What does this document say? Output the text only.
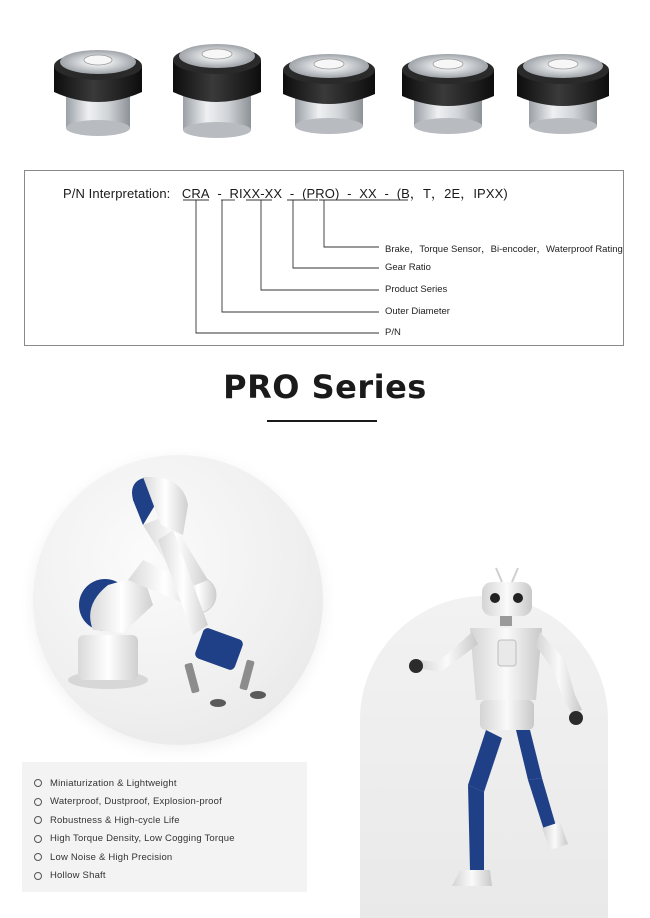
P/N Interpretation: CRA - RIXX-XX - (PRO) - XX - (B，T，2E，IPXX)
Brake，Torque Sensor，Bi-encoder，Waterproof Rating
Gear Ratio
Product Series
Outer Diameter
P/N
PRO Series
Miniaturization & Lightweight
Waterproof, Dustproof, Explosion-proof
Robustness & High-cycle Life
High Torque Density, Low Cogging Torque
Low Noise & High Precision
Hollow Shaft
